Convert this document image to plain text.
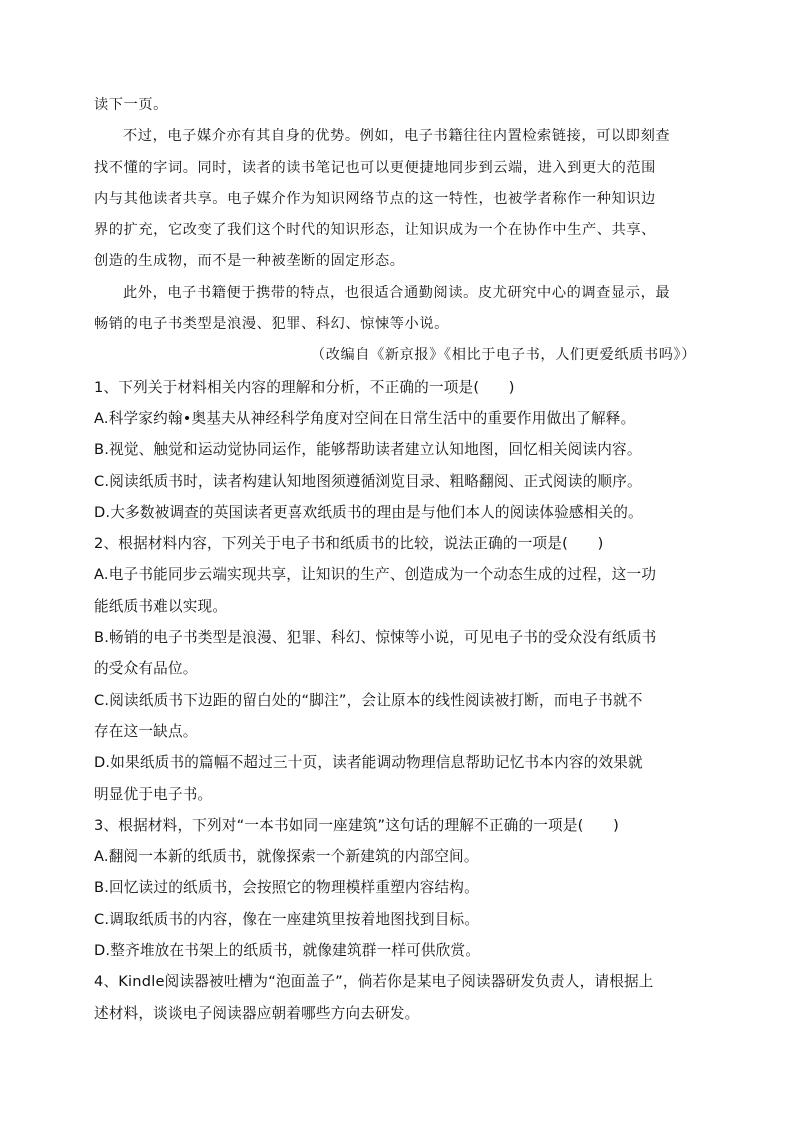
读下一页。
不过，电子媒介亦有其自身的优势。例如，电子书籍往往内置检索链接，可以即刻查
找不懂的字词。同时，读者的读书笔记也可以更便捷地同步到云端，进入到更大的范围
内与其他读者共享。电子媒介作为知识网络节点的这一特性，也被学者称作一种知识边
界的扩充，它改变了我们这个时代的知识形态，让知识成为一个在协作中生产、共享、
创造的生成物，而不是一种被垄断的固定形态。
此外，电子书籍便于携带的特点，也很适合通勤阅读。皮尤研究中心的调查显示，最
畅销的电子书类型是浪漫、犯罪、科幻、惊悚等小说。
（改编自《新京报》《相比于电子书，人们更爱纸质书吗》）
1、下列关于材料相关内容的理解和分析，不正确的一项是(　　)
A.科学家约翰•奥基夫从神经科学角度对空间在日常生活中的重要作用做出了解释。
B.视觉、触觉和运动觉协同运作，能够帮助读者建立认知地图，回忆相关阅读内容。
C.阅读纸质书时，读者构建认知地图须遵循浏览目录、粗略翻阅、正式阅读的顺序。
D.大多数被调查的英国读者更喜欢纸质书的理由是与他们本人的阅读体验感相关的。
2、根据材料内容，下列关于电子书和纸质书的比较，说法正确的一项是(　　)
A.电子书能同步云端实现共享，让知识的生产、创造成为一个动态生成的过程，这一功
能纸质书难以实现。
B.畅销的电子书类型是浪漫、犯罪、科幻、惊悚等小说，可见电子书的受众没有纸质书
的受众有品位。
C.阅读纸质书下边距的留白处的“脚注”，会让原本的线性阅读被打断，而电子书就不
存在这一缺点。
D.如果纸质书的篇幅不超过三十页，读者能调动物理信息帮助记忆书本内容的效果就
明显优于电子书。
3、根据材料，下列对“一本书如同一座建筑”这句话的理解不正确的一项是(　　)
A.翻阅一本新的纸质书，就像探索一个新建筑的内部空间。
B.回忆读过的纸质书，会按照它的物理模样重塑内容结构。
C.调取纸质书的内容，像在一座建筑里按着地图找到目标。
D.整齐堆放在书架上的纸质书，就像建筑群一样可供欣赏。
4、Kindle阅读器被吐槽为“泡面盖子”，倘若你是某电子阅读器研发负责人，请根据上
述材料，谈谈电子阅读器应朝着哪些方向去研发。
